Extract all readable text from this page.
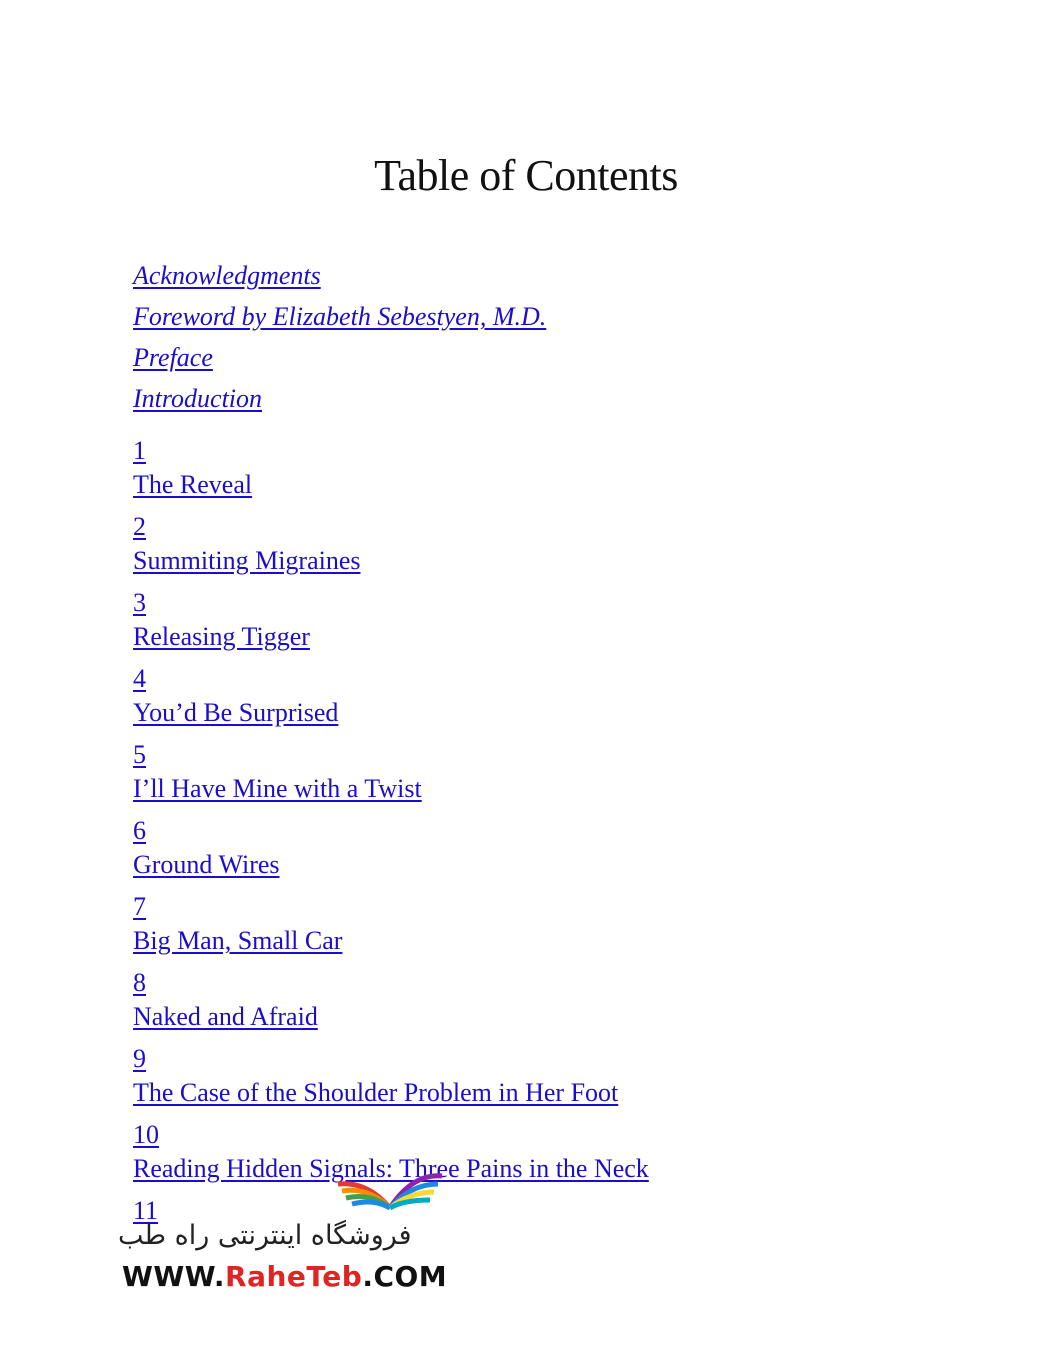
Table of Contents
Acknowledgments
Foreword by Elizabeth Sebestyen, M.D.
Preface
Introduction
1
The Reveal
2
Summiting Migraines
3
Releasing Tigger
4
You’d Be Surprised
5
I’ll Have Mine with a Twist
6
Ground Wires
7
Big Man, Small Car
8
Naked and Afraid
9
The Case of the Shoulder Problem in Her Foot
10
Reading Hidden Signals: Three Pains in the Neck
11
فروشگاه اینترنتی راه طب
WWW.RaheTeb.COM
